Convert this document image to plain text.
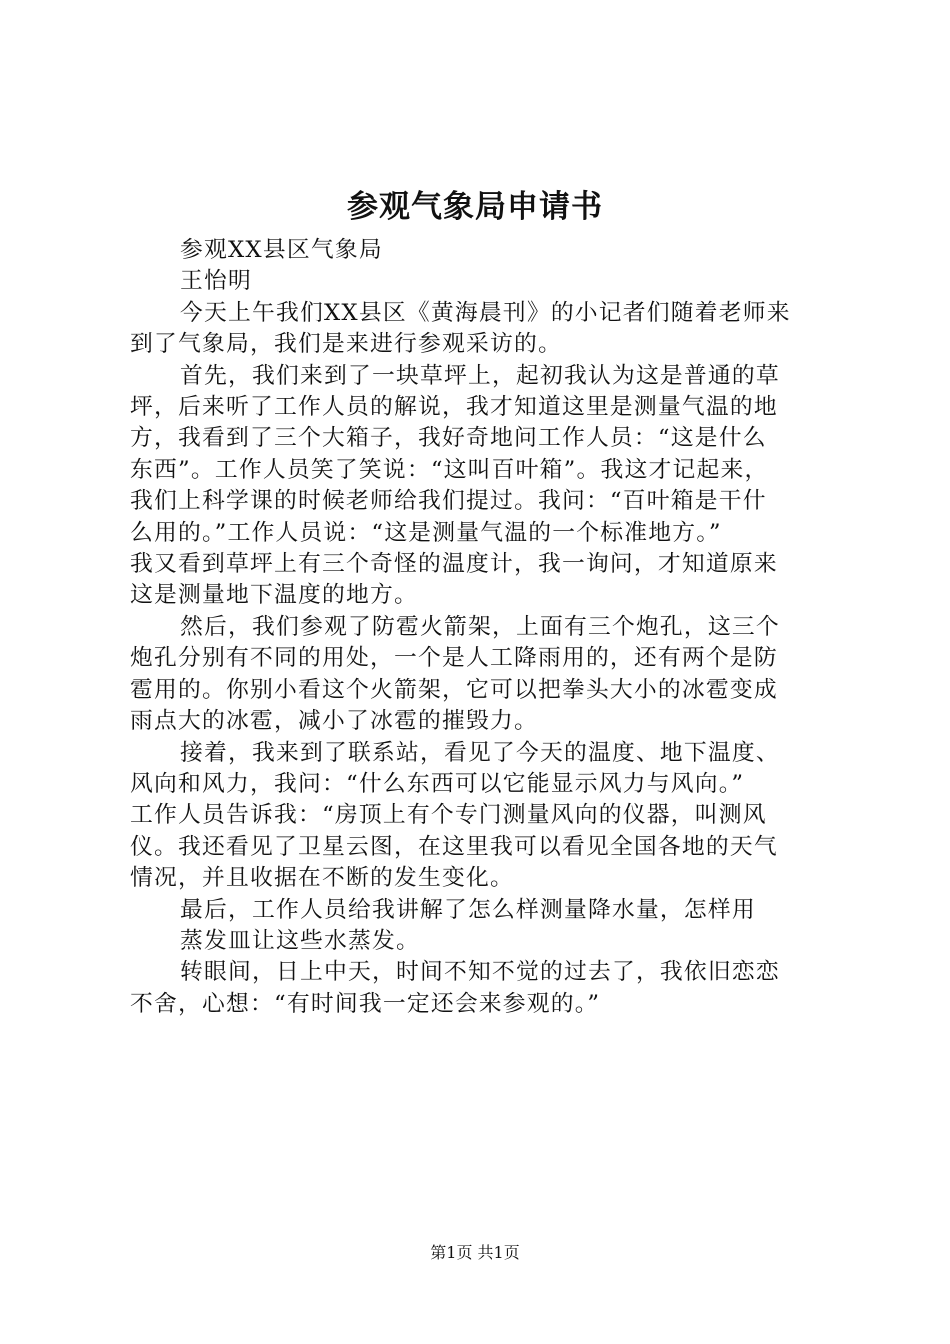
参观气象局申请书
参观XX县区气象局
王怡明
今天上午我们XX县区《黄海晨刊》的小记者们随着老师来
到了气象局，我们是来进行参观采访的。
首先，我们来到了一块草坪上，起初我认为这是普通的草
坪，后来听了工作人员的解说，我才知道这里是测量气温的地
方，我看到了三个大箱子，我好奇地问工作人员：“这是什么
东西”。工作人员笑了笑说：“这叫百叶箱”。我这才记起来，
我们上科学课的时候老师给我们提过。我问：“百叶箱是干什
么用的。”工作人员说：“这是测量气温的一个标准地方。”
我又看到草坪上有三个奇怪的温度计，我一询问，才知道原来
这是测量地下温度的地方。
然后，我们参观了防雹火箭架，上面有三个炮孔，这三个
炮孔分别有不同的用处，一个是人工降雨用的，还有两个是防
雹用的。你别小看这个火箭架，它可以把拳头大小的冰雹变成
雨点大的冰雹，减小了冰雹的摧毁力。
接着，我来到了联系站，看见了今天的温度、地下温度、
风向和风力，我问：“什么东西可以它能显示风力与风向。”
工作人员告诉我：“房顶上有个专门测量风向的仪器，叫测风
仪。我还看见了卫星云图，在这里我可以看见全国各地的天气
情况，并且收据在不断的发生变化。
最后，工作人员给我讲解了怎么样测量降水量，怎样用
蒸发皿让这些水蒸发。
转眼间，日上中天，时间不知不觉的过去了，我依旧恋恋
不舍，心想：“有时间我一定还会来参观的。”
第1页 共1页
